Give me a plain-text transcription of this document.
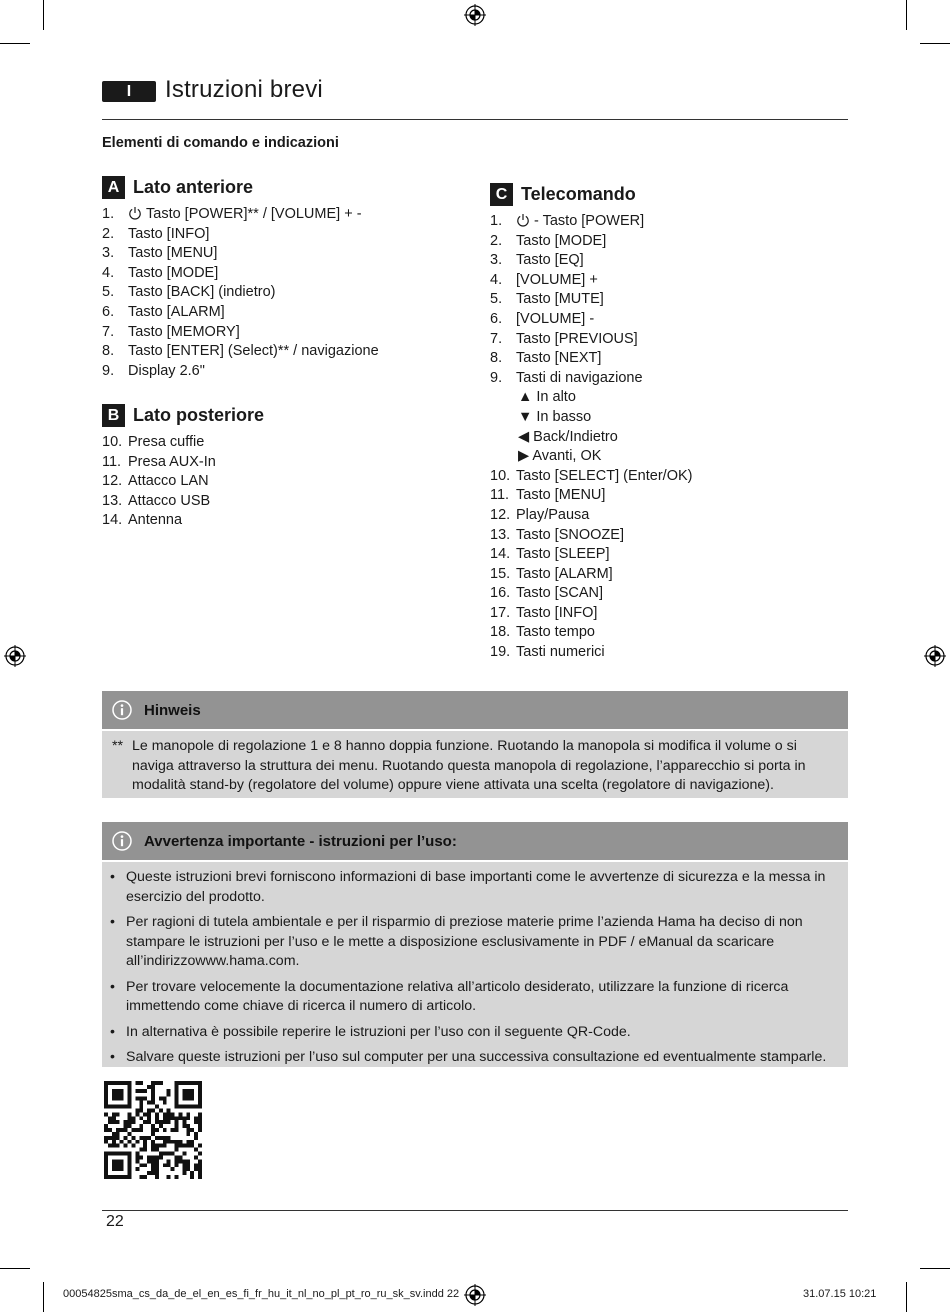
I	Istruzioni brevi
Elementi di comando e indicazioni
A Lato anteriore
1.	Tasto [POWER]** / [VOLUME] + -
2. Tasto [INFO]
3. Tasto [MENU]
4. Tasto [MODE]
5. Tasto [BACK] (indietro)
6. Tasto [ALARM]
7. Tasto [MEMORY]
8. Tasto [ENTER] (Select)** / navigazione
9. Display 2.6"
B Lato posteriore
10. Presa cuffie
11. Presa AUX-In
12. Attacco LAN
13. Attacco USB
14. Antenna
C Telecomando
1.	- Tasto [POWER]
2. Tasto [MODE]
3. Tasto [EQ]
4. [VOLUME] +
5. Tasto [MUTE]
6. [VOLUME] -
7. Tasto [PREVIOUS]
8. Tasto [NEXT]
9. Tasti di navigazione
▲ In alto
▼ In basso
◀ Back/Indietro
▶ Avanti, OK
10. Tasto [SELECT] (Enter/OK)
11. Tasto [MENU]
12. Play/Pausa
13. Tasto [SNOOZE]
14. Tasto [SLEEP]
15. Tasto [ALARM]
16. Tasto [SCAN]
17. Tasto [INFO]
18. Tasto tempo
19. Tasti numerici
Hinweis
** Le manopole di regolazione 1 e 8 hanno doppia funzione. Ruotando la manopola si modifica il volume o si naviga attraverso la struttura dei menu. Ruotando questa manopola di regolazione, l’apparecchio si porta in modalità stand-by (regolatore del volume) oppure viene attivata una scelta (regolatore di navigazione).
Avvertenza importante - istruzioni per l’uso:
• Queste istruzioni brevi forniscono informazioni di base importanti come le avvertenze di sicurezza e la messa in esercizio del prodotto.
• Per ragioni di tutela ambientale e per il risparmio di preziose materie prime l’azienda Hama ha deciso di non stampare le istruzioni per l’uso e le mette a disposizione esclusivamente in PDF / eManual da scaricare all’indirizzowww.hama.com.
• Per trovare velocemente la documentazione relativa all’articolo desiderato, utilizzare la funzione di ricerca immettendo come chiave di ricerca il numero di articolo.
• In alternativa è possibile reperire le istruzioni per l’uso con il seguente QR-Code.
• Salvare queste istruzioni per l’uso sul computer per una successiva consultazione ed eventualmente stamparle.
22
00054825sma_cs_da_de_el_en_es_fi_fr_hu_it_nl_no_pl_pt_ro_ru_sk_sv.indd 22	31.07.15 10:21
